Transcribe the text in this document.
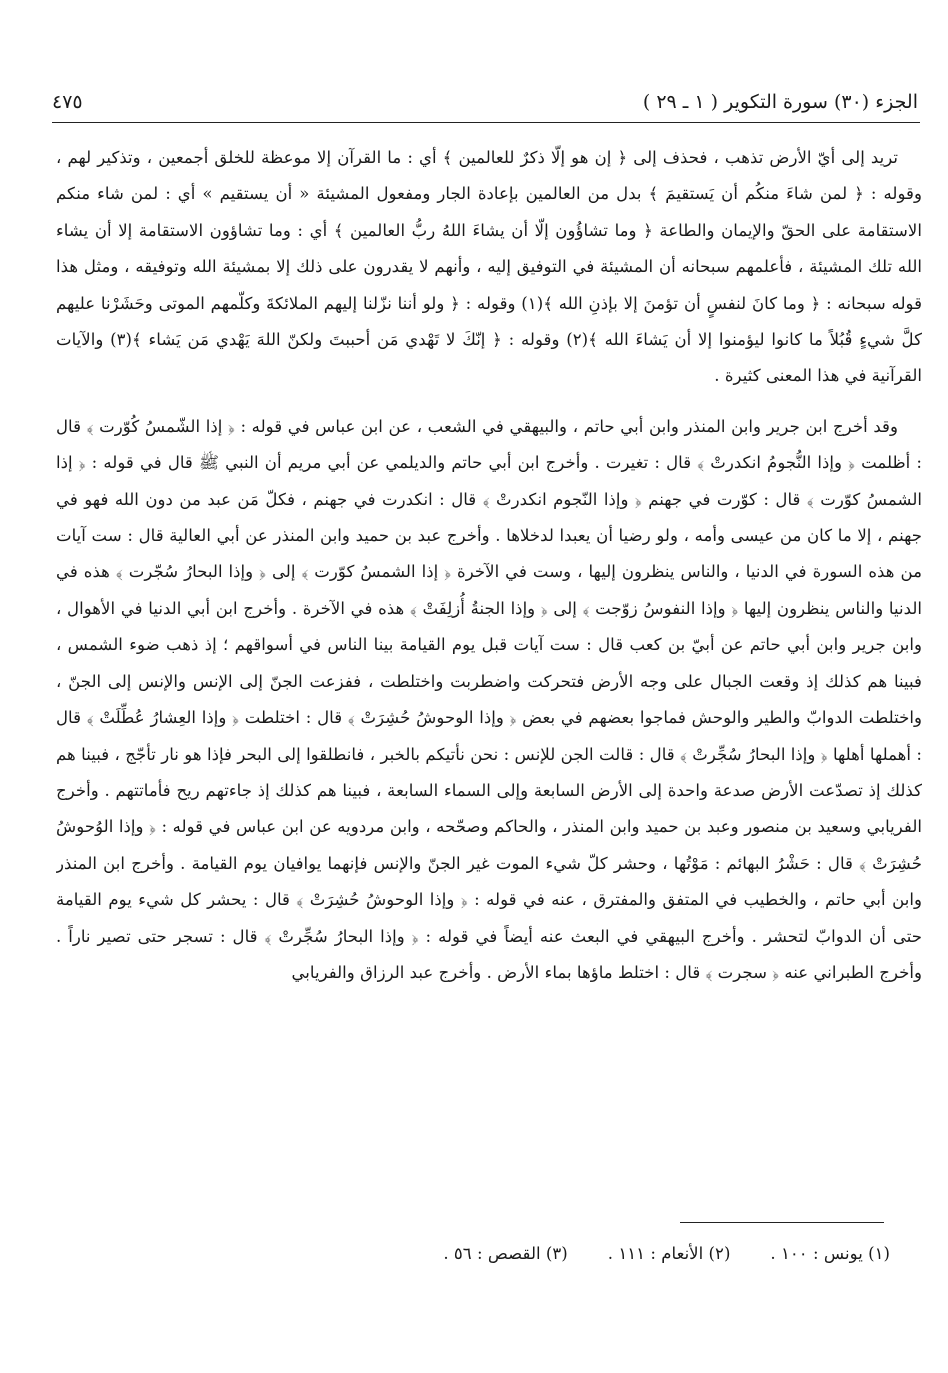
الجزء (٣٠) سورة التكوير ( ١ ـ ٢٩ )
٤٧٥

تريد إلى أيّ الأرض تذهب ، فحذف إلى ﴿ إن هو إلّا ذكرٌ للعالمين ﴾ أي : ما القرآن إلا موعظة للخلق أجمعين ، وتذكير لهم ، وقوله : ﴿ لمن شاءَ منكُم أن يَستقيمَ ﴾ بدل من العالمين بإعادة الجار ومفعول المشيئة « أن يستقيم » أي : لمن شاء منكم الاستقامة على الحقّ والإيمان والطاعة ﴿ وما تشاؤُون إلّا أن يشاءَ اللهُ ربُّ العالمين ﴾ أي : وما تشاؤون الاستقامة إلا أن يشاء الله تلك المشيئة ، فأعلمهم سبحانه أن المشيئة في التوفيق إليه ، وأنهم لا يقدرون على ذلك إلا بمشيئة الله وتوفيقه ، ومثل هذا قوله سبحانه : ﴿ وما كانَ لنفسٍ أن تؤمنَ إلا بإذنِ الله ﴾(١) وقوله : ﴿ ولو أننا نزّلنا إليهم الملائكةَ وكلّمهم الموتى وحَشَرْنا عليهم كلَّ شيءٍ قُبُلاً ما كانوا ليؤمنوا إلا أن يَشاءَ الله ﴾(٢) وقوله : ﴿ إنّكَ لا تَهْدي مَن أحببتَ ولكنّ اللهَ يَهْدي مَن يَشاء ﴾(٣) والآيات القرآنية في هذا المعنى كثيرة .

وقد أخرج ابن جرير وابن المنذر وابن أبي حاتم ، والبيهقي في الشعب ، عن ابن عباس في قوله : ﴿ إذا الشّمسُ كُوّرت ﴾ قال : أظلمت ﴿ وإذا النُّجومُ انكدرتْ ﴾ قال : تغيرت . وأخرج ابن أبي حاتم والديلمي عن أبي مريم أن النبي ﷺ قال في قوله : ﴿ إذا الشمسُ كوّرت ﴾ قال : كوّرت في جهنم ﴿ وإذا النّجوم انكدرتْ ﴾ قال : انكدرت في جهنم ، فكلّ مَن عبد من دون الله فهو في جهنم ، إلا ما كان من عيسى وأمه ، ولو رضيا أن يعبدا لدخلاها . وأخرج عبد بن حميد وابن المنذر عن أبي العالية قال : ست آيات من هذه السورة في الدنيا ، والناس ينظرون إليها ، وست في الآخرة ﴿ إذا الشمسُ كوّرت ﴾ إلى ﴿ وإذا البحارُ سُجّرت ﴾ هذه في الدنيا والناس ينظرون إليها ﴿ وإذا النفوسُ زوّجت ﴾ إلى ﴿ وإذا الجنةُ أُزلِفَتْ ﴾ هذه في الآخرة . وأخرج ابن أبي الدنيا في الأهوال ، وابن جرير وابن أبي حاتم عن أبيّ بن كعب قال : ست آيات قبل يوم القيامة بينا الناس في أسواقهم ؛ إذ ذهب ضوء الشمس ، فبينا هم كذلك إذ وقعت الجبال على وجه الأرض فتحركت واضطربت واختلطت ، ففزعت الجنّ إلى الإنس والإنس إلى الجنّ ، واختلطت الدوابّ والطير والوحش فماجوا بعضهم في بعض ﴿ وإذا الوحوشُ حُشِرَتْ ﴾ قال : اختلطت ﴿ وإذا العِشارُ عُطِّلَتْ ﴾ قال : أهملها أهلها ﴿ وإذا البحارُ سُجِّرتْ ﴾ قال : قالت الجن للإنس : نحن نأتيكم بالخبر ، فانطلقوا إلى البحر فإذا هو نار تأجّج ، فبينا هم كذلك إذ تصدّعت الأرض صدعة واحدة إلى الأرض السابعة وإلى السماء السابعة ، فبينا هم كذلك إذ جاءتهم ريح فأماتتهم . وأخرج الفريابي وسعيد بن منصور وعبد بن حميد وابن المنذر ، والحاكم وصحّحه ، وابن مردويه عن ابن عباس في قوله : ﴿ وإذا الوُحوشُ حُشِرَتْ ﴾ قال : حَشْرُ البهائم : مَوْتُها ، وحشر كلّ شيء الموت غير الجنّ والإنس فإنهما يوافيان يوم القيامة . وأخرج ابن المنذر وابن أبي حاتم ، والخطيب في المتفق والمفترق ، عنه في قوله : ﴿ وإذا الوحوشُ حُشِرَتْ ﴾ قال : يحشر كل شيء يوم القيامة حتى أن الدوابّ لتحشر . وأخرج البيهقي في البعث عنه أيضاً في قوله : ﴿ وإذا البحارُ سُجِّرتْ ﴾ قال : تسجر حتى تصير ناراً . وأخرج الطبراني عنه ﴿ سجرت ﴾ قال : اختلط ماؤها بماء الأرض . وأخرج عبد الرزاق والفريابي

(١) يونس : ١٠٠ .
(٢) الأنعام : ١١١ .
(٣) القصص : ٥٦ .
